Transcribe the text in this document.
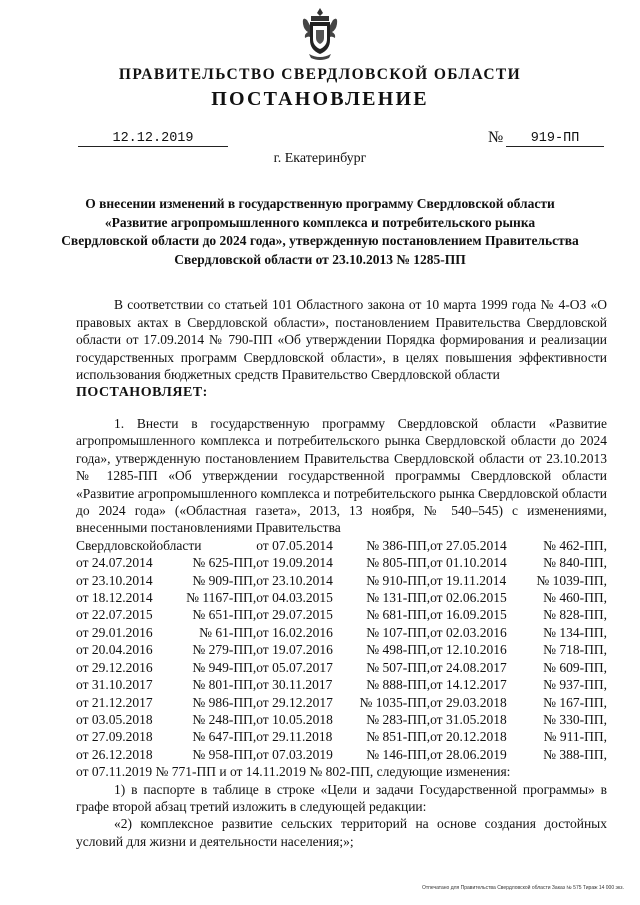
ПРАВИТЕЛЬСТВО СВЕРДЛОВСКОЙ ОБЛАСТИ
ПОСТАНОВЛЕНИЕ
12.12.2019	№	919-ПП
г. Екатеринбург
О внесении изменений в государственную программу Свердловской области «Развитие агропромышленного комплекса и потребительского рынка Свердловской области до 2024 года», утвержденную постановлением Правительства Свердловской области от 23.10.2013 № 1285-ПП
В соответствии со статьей 101 Областного закона от 10 марта 1999 года № 4-ОЗ «О правовых актах в Свердловской области», постановлением Правительства Свердловской области от 17.09.2014 № 790-ПП «Об утверждении Порядка формирования и реализации государственных программ Свердловской области», в целях повышения эффективности использования бюджетных средств Правительство Свердловской области
ПОСТАНОВЛЯЕТ:
1. Внести в государственную программу Свердловской области «Развитие агропромышленного комплекса и потребительского рынка Свердловской области до 2024 года», утвержденную постановлением Правительства Свердловской области от 23.10.2013 № 1285-ПП «Об утверждении государственной программы Свердловской области «Развитие агропромышленного комплекса и потребительского рынка Свердловской области до 2024 года» («Областная газета», 2013, 13 ноября, № 540–545) с изменениями, внесенными постановлениями Правительства
Свердловской	области	от 07.05.2014	№ 386-ПП,	от 27.05.2014	№ 462-ПП,
от 24.07.2014	№ 625-ПП,	от 19.09.2014	№ 805-ПП,	от 01.10.2014	№ 840-ПП,
от 23.10.2014	№ 909-ПП,	от 23.10.2014	№ 910-ПП,	от 19.11.2014	№ 1039-ПП,
от 18.12.2014	№ 1167-ПП,	от 04.03.2015	№ 131-ПП,	от 02.06.2015	№ 460-ПП,
от 22.07.2015	№ 651-ПП,	от 29.07.2015	№ 681-ПП,	от 16.09.2015	№ 828-ПП,
от 29.01.2016	№ 61-ПП,	от 16.02.2016	№ 107-ПП,	от 02.03.2016	№ 134-ПП,
от 20.04.2016	№ 279-ПП,	от 19.07.2016	№ 498-ПП,	от 12.10.2016	№ 718-ПП,
от 29.12.2016	№ 949-ПП,	от 05.07.2017	№ 507-ПП,	от 24.08.2017	№ 609-ПП,
от 31.10.2017	№ 801-ПП,	от 30.11.2017	№ 888-ПП,	от 14.12.2017	№ 937-ПП,
от 21.12.2017	№ 986-ПП,	от 29.12.2017	№ 1035-ПП,	от 29.03.2018	№ 167-ПП,
от 03.05.2018	№ 248-ПП,	от 10.05.2018	№ 283-ПП,	от 31.05.2018	№ 330-ПП,
от 27.09.2018	№ 647-ПП,	от 29.11.2018	№ 851-ПП,	от 20.12.2018	№ 911-ПП,
от 26.12.2018	№ 958-ПП,	от 07.03.2019	№ 146-ПП,	от 28.06.2019	№ 388-ПП,
от 07.11.2019 № 771-ПП и от 14.11.2019 № 802-ПП, следующие изменения:
1) в паспорте в таблице в строке «Цели и задачи Государственной программы» в графе второй абзац третий изложить в следующей редакции:
«2) комплексное развитие сельских территорий на основе создания достойных условий для жизни и деятельности населения;»;
Отпечатано для Правительства Свердловской области Заказ № 575 Тираж 14 000 экз.
